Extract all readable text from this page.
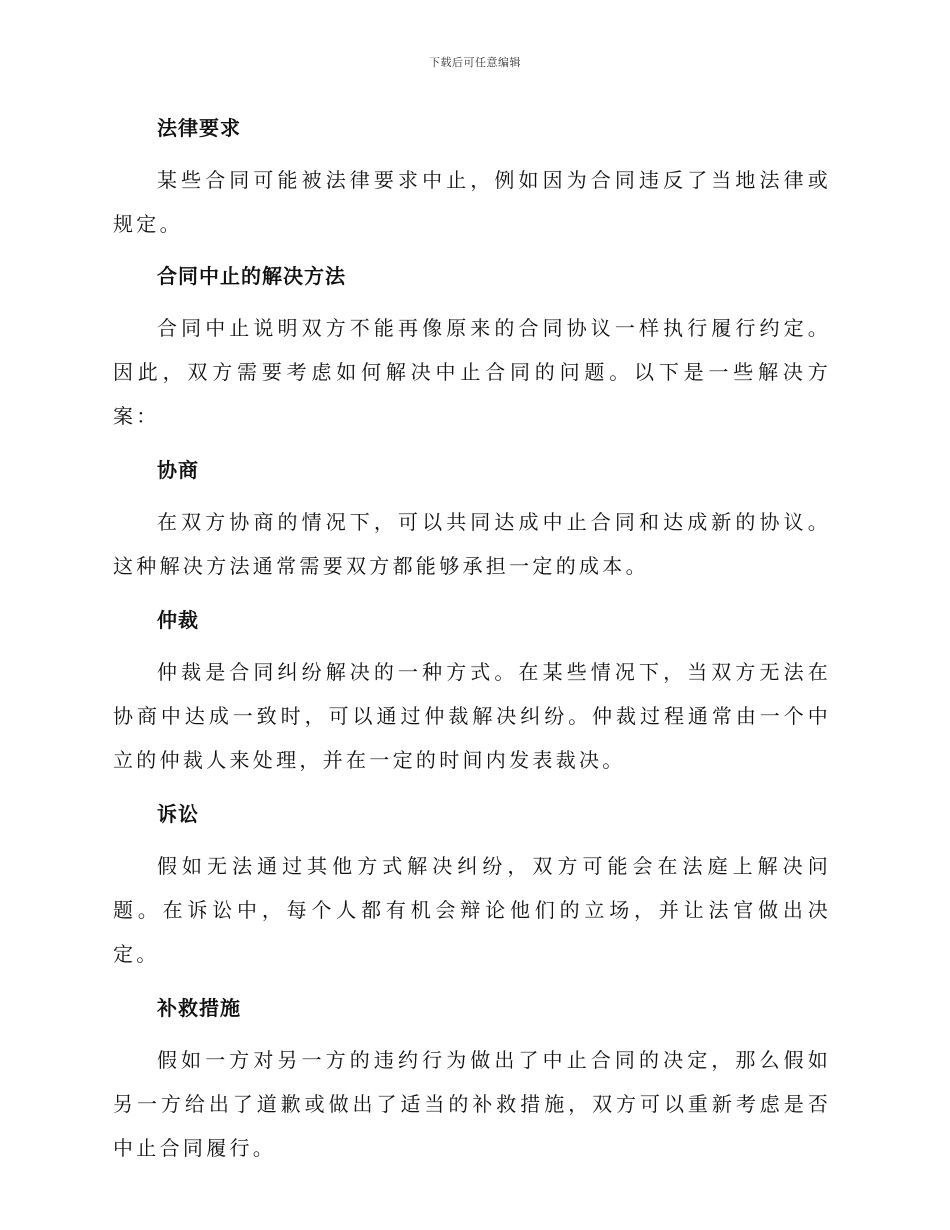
下载后可任意编辑
法律要求

某些合同可能被法律要求中止，例如因为合同违反了当地法律或规定。

合同中止的解决方法

合同中止说明双方不能再像原来的合同协议一样执行履行约定。因此，双方需要考虑如何解决中止合同的问题。以下是一些解决方案：

协商

在双方协商的情况下，可以共同达成中止合同和达成新的协议。这种解决方法通常需要双方都能够承担一定的成本。

仲裁

仲裁是合同纠纷解决的一种方式。在某些情况下，当双方无法在协商中达成一致时，可以通过仲裁解决纠纷。仲裁过程通常由一个中立的仲裁人来处理，并在一定的时间内发表裁决。

诉讼

假如无法通过其他方式解决纠纷，双方可能会在法庭上解决问题。在诉讼中，每个人都有机会辩论他们的立场，并让法官做出决定。

补救措施

假如一方对另一方的违约行为做出了中止合同的决定，那么假如另一方给出了道歉或做出了适当的补救措施，双方可以重新考虑是否中止合同履行。
